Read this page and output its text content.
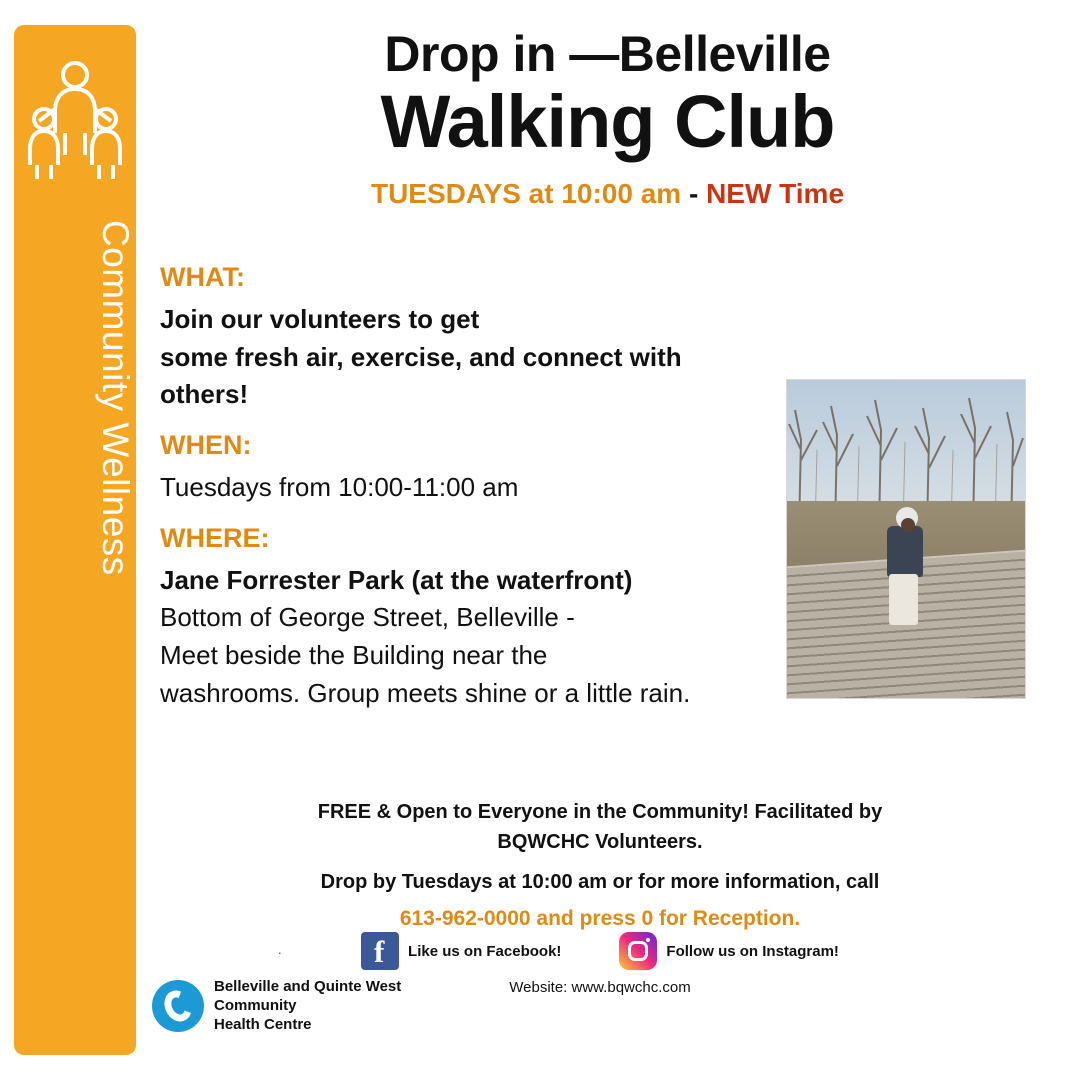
Community Wellness
Drop in —Belleville
Walking Club
TUESDAYS at 10:00 am - NEW Time
WHAT:
Join our volunteers to get
some fresh air, exercise, and connect with
others!
WHEN:
Tuesdays from 10:00-11:00 am
WHERE:
Jane Forrester Park (at the waterfront)
Bottom of George Street, Belleville -
Meet beside the Building near the
washrooms. Group meets shine or a little rain.
FREE & Open to Everyone in the Community! Facilitated by
BQWCHC Volunteers.
Drop by Tuesdays at 10:00 am or for more information, call
613-962-0000 and press 0 for Reception.
. f	Like us on Facebook!	Follow us on Instagram!
Website: www.bqwchc.com
Belleville and Quinte West
Community
Health Centre
